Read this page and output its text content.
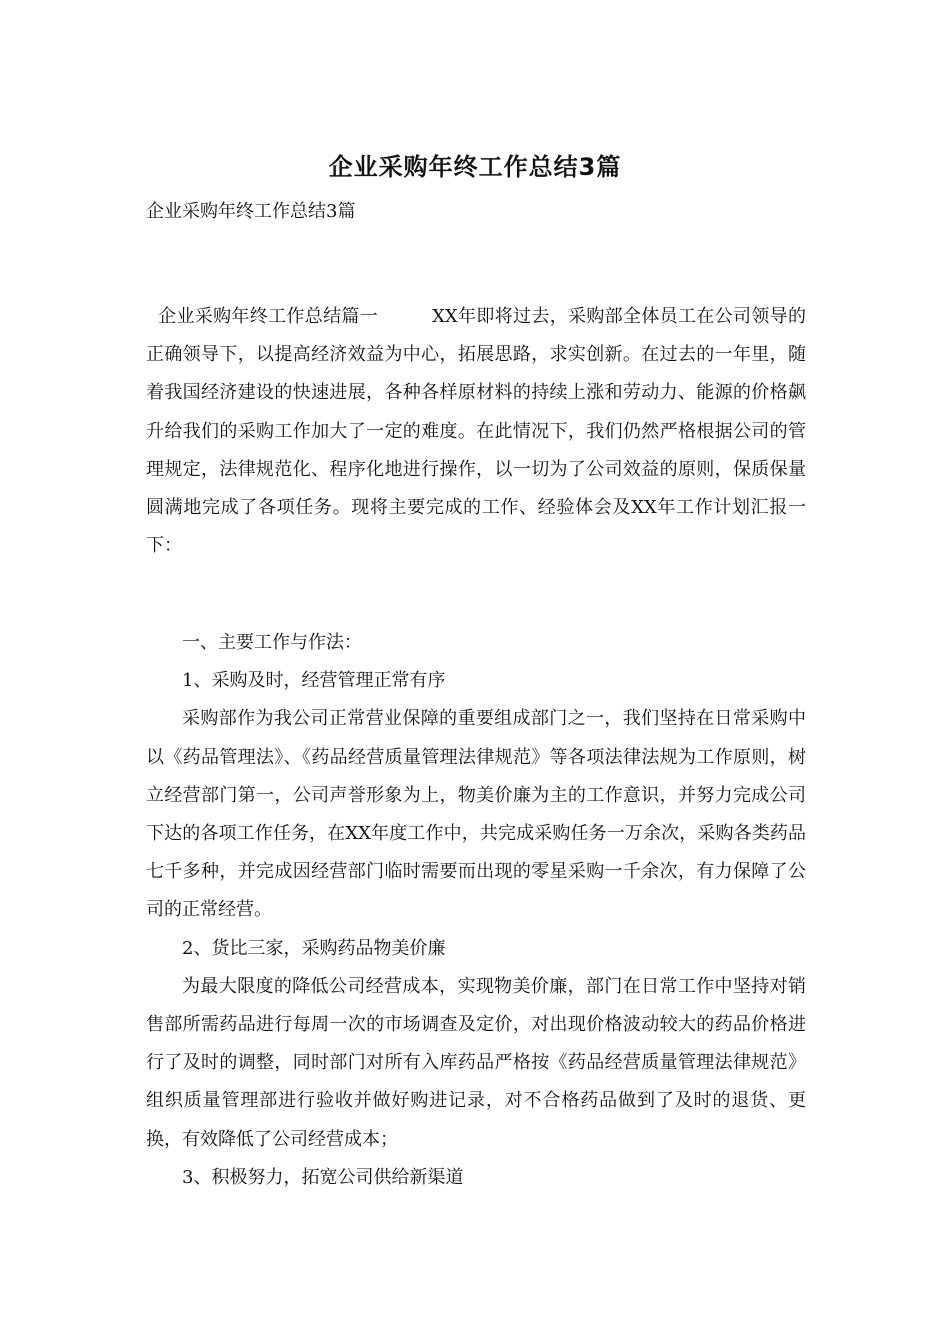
企业采购年终工作总结3篇
企业采购年终工作总结3篇
企业采购年终工作总结篇一	XX年即将过去，采购部全体员工在公司领导的正确领导下，以提高经济效益为中心，拓展思路，求实创新。在过去的一年里，随着我国经济建设的快速进展，各种各样原材料的持续上涨和劳动力、能源的价格飙升给我们的采购工作加大了一定的难度。在此情况下，我们仍然严格根据公司的管理规定，法律规范化、程序化地进行操作，以一切为了公司效益的原则，保质保量圆满地完成了各项任务。现将主要完成的工作、经验体会及XX年工作计划汇报一下：

一、主要工作与作法：

1、采购及时，经营管理正常有序

采购部作为我公司正常营业保障的重要组成部门之一，我们坚持在日常采购中以《药品管理法》、《药品经营质量管理法律规范》等各项法律法规为工作原则，树立经营部门第一，公司声誉形象为上，物美价廉为主的工作意识，并努力完成公司下达的各项工作任务，在XX年度工作中，共完成采购任务一万余次，采购各类药品七千多种，并完成因经营部门临时需要而出现的零星采购一千余次，有力保障了公司的正常经营。

2、货比三家，采购药品物美价廉

为最大限度的降低公司经营成本，实现物美价廉，部门在日常工作中坚持对销售部所需药品进行每周一次的市场调查及定价，对出现价格波动较大的药品价格进行了及时的调整，同时部门对所有入库药品严格按《药品经营质量管理法律规范》组织质量管理部进行验收并做好购进记录，对不合格药品做到了及时的退货、更换，有效降低了公司经营成本；

3、积极努力，拓宽公司供给新渠道
